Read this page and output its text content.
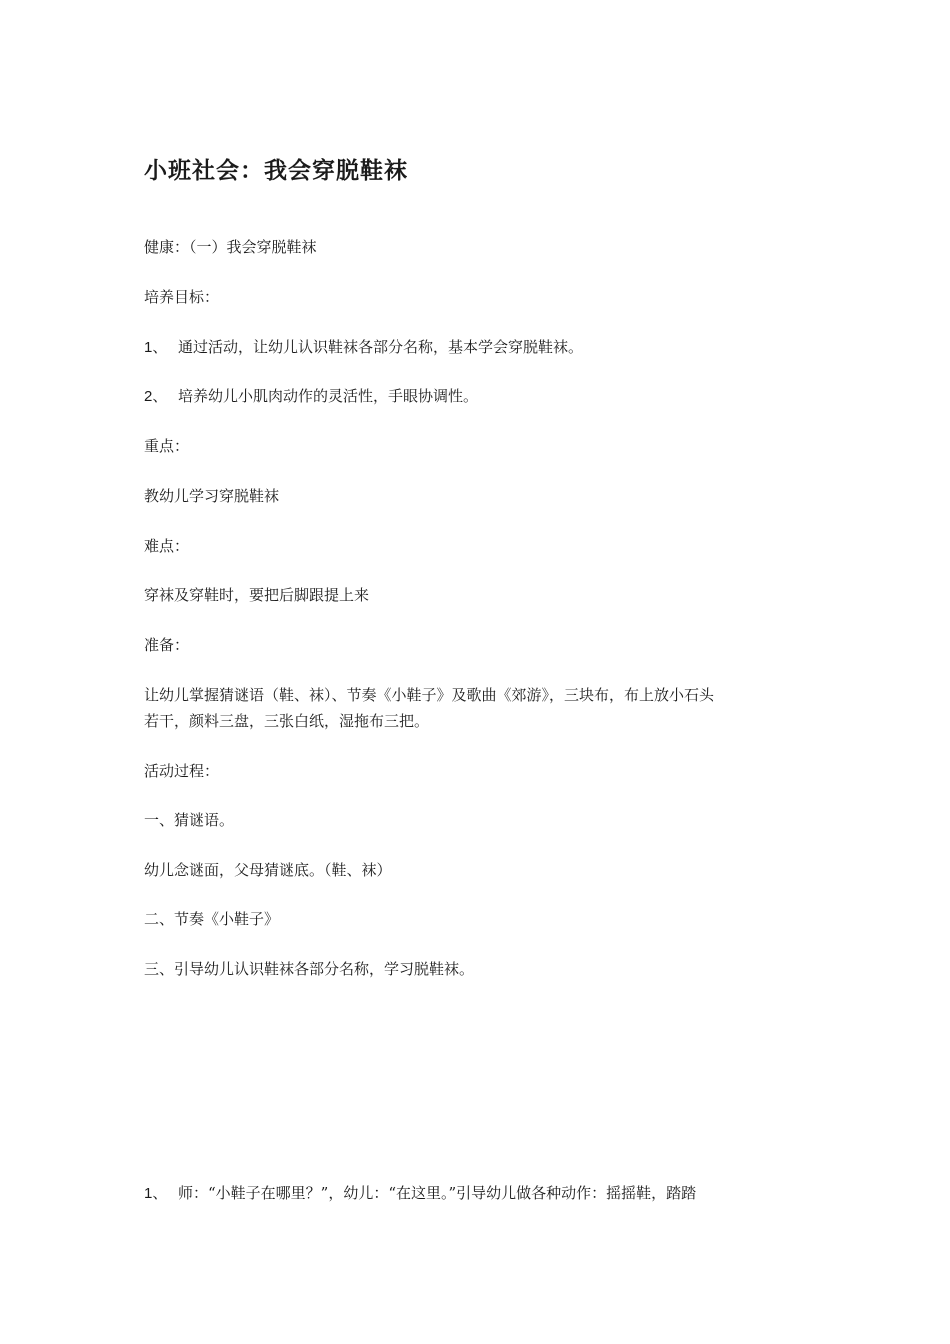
小班社会：我会穿脱鞋袜

健康：（一）我会穿脱鞋袜

培养目标：

1、 通过活动，让幼儿认识鞋袜各部分名称，基本学会穿脱鞋袜。

2、 培养幼儿小肌肉动作的灵活性，手眼协调性。

重点：

教幼儿学习穿脱鞋袜

难点：

穿袜及穿鞋时，要把后脚跟提上来

准备：

让幼儿掌握猜谜语（鞋、袜）、节奏《小鞋子》及歌曲《郊游》，三块布，布上放小石头

若干，颜料三盘，三张白纸，湿拖布三把。

活动过程：

一、猜谜语。

幼儿念谜面，父母猜谜底。（鞋、袜）

二、节奏《小鞋子》

三、引导幼儿认识鞋袜各部分名称，学习脱鞋袜。

1、 师：“小鞋子在哪里？”，幼儿：“在这里。”引导幼儿做各种动作：摇摇鞋，踏踏
